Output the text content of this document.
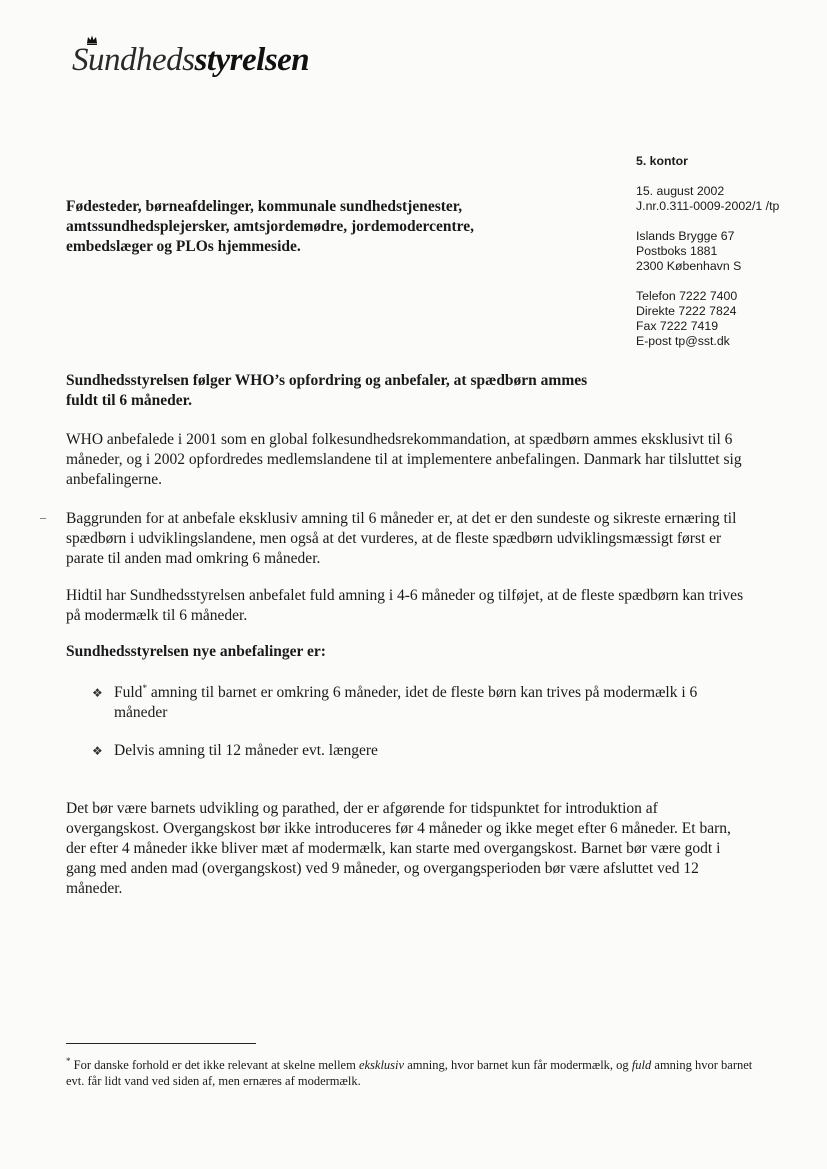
Sundhedsstyrelsen
5. kontor
15. august 2002
J.nr.0.311-0009-2002/1 /tp
Islands Brygge 67
Postboks 1881
2300 København S
Telefon 7222 7400
Direkte 7222 7824
Fax 7222 7419
E-post tp@sst.dk
Fødesteder, børneafdelinger, kommunale sundhedstjenester, amtssundhedsplejersker, amtsjordemødre, jordemodercentre, embedslæger og PLOs hjemmeside.
Sundhedsstyrelsen følger WHO’s opfordring og anbefaler, at spædbørn ammes fuldt til 6 måneder.
WHO anbefalede i 2001 som en global folkesundhedsrekommandation, at spædbørn ammes eksklusivt til 6 måneder, og i 2002 opfordredes medlemslandene til at implementere anbefalingen. Danmark har tilsluttet sig anbefalingerne.
Baggrunden for at anbefale eksklusiv amning til 6 måneder er, at det er den sundeste og sikreste ernæring til spædbørn i udviklingslandene, men også at det vurderes, at de fleste spædbørn udviklingsmæssigt først er parate til anden mad omkring 6 måneder.
Hidtil har Sundhedsstyrelsen anbefalet fuld amning i 4-6 måneder og tilføjet, at de fleste spædbørn kan trives på modermælk til 6 måneder.
Sundhedsstyrelsen nye anbefalinger er:
❖ Fuld* amning til barnet er omkring 6 måneder, idet de fleste børn kan trives på modermælk i 6 måneder
❖ Delvis amning til 12 måneder evt. længere
Det bør være barnets udvikling og parathed, der er afgørende for tidspunktet for introduktion af overgangskost. Overgangskost bør ikke introduceres før 4 måneder og ikke meget efter 6 måneder. Et barn, der efter 4 måneder ikke bliver mæt af modermælk, kan starte med overgangskost. Barnet bør være godt i gang med anden mad (overgangskost) ved 9 måneder, og overgangsperioden bør være afsluttet ved 12 måneder.
* For danske forhold er det ikke relevant at skelne mellem eksklusiv amning, hvor barnet kun får modermælk, og fuld amning hvor barnet evt. får lidt vand ved siden af, men ernæres af modermælk.
